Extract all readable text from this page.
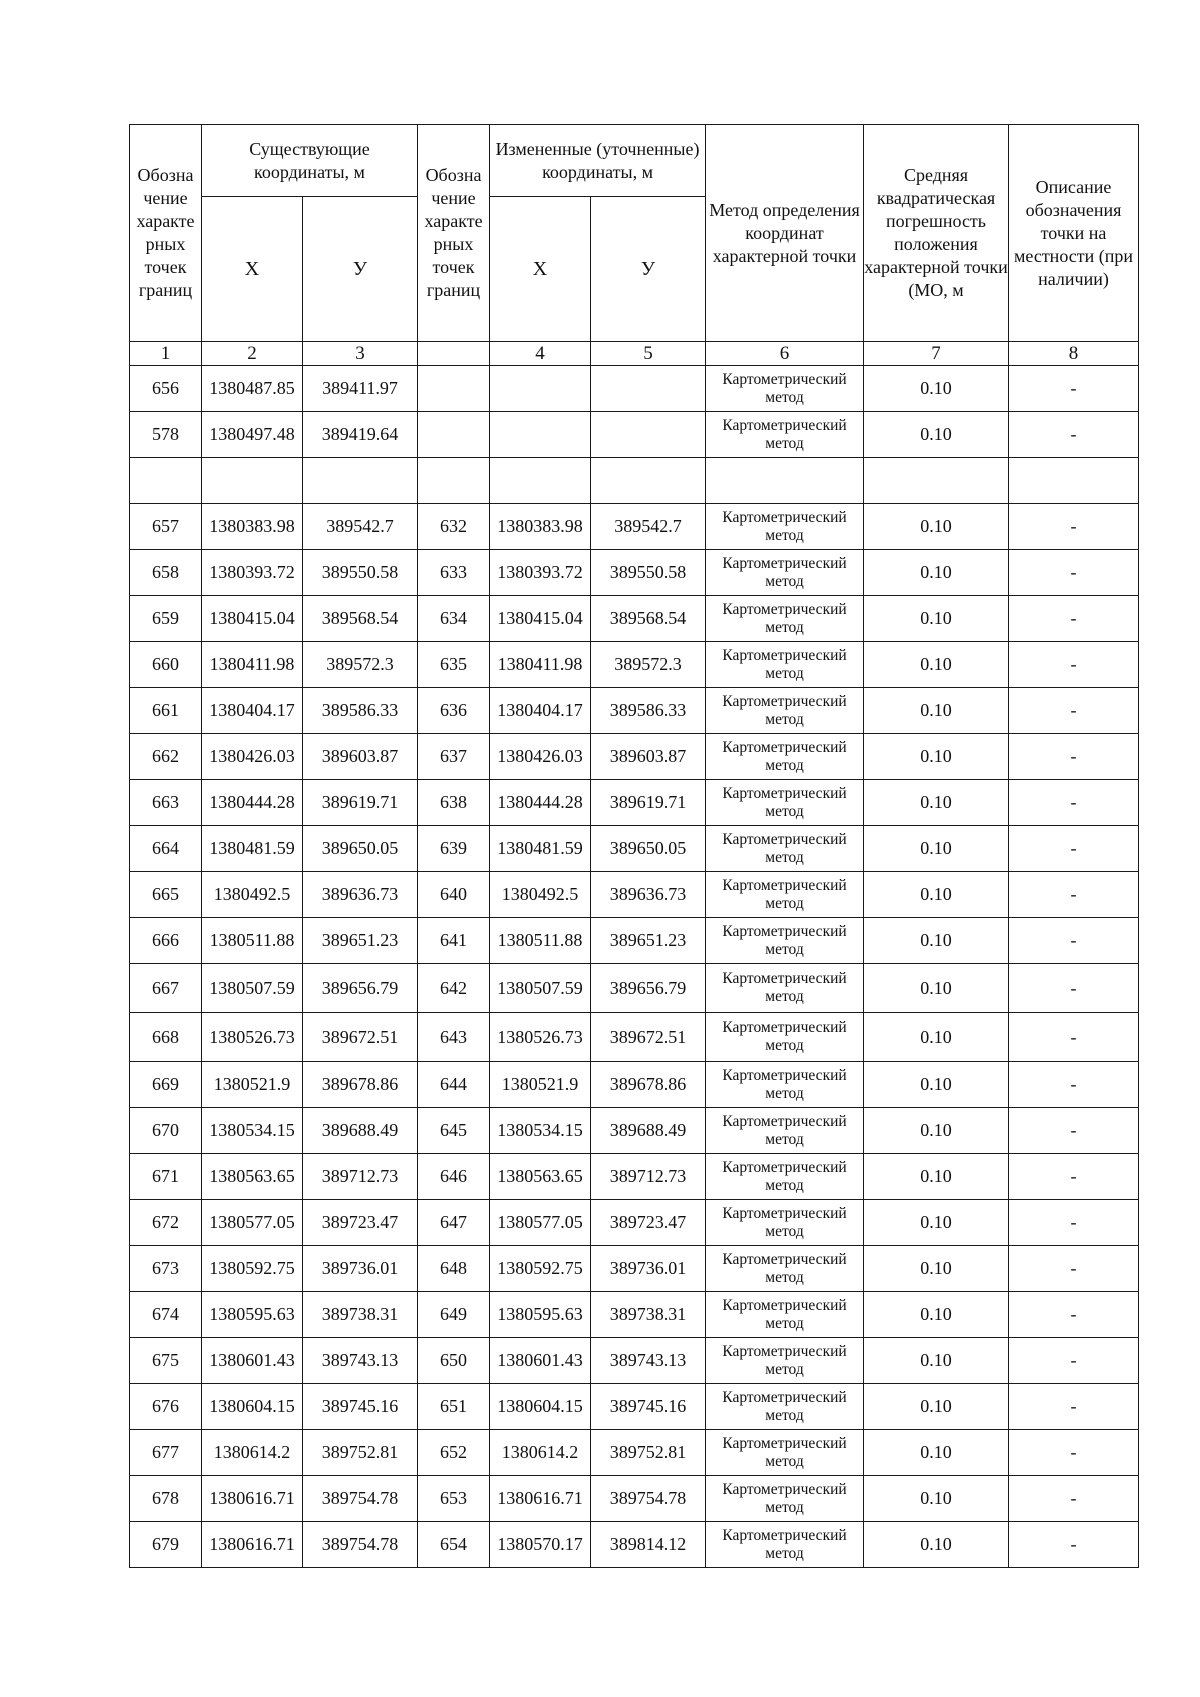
Обозна чение характе рных точек границ	Существующие координаты, м		Обозна чение характе рных точек границ	Измененные (уточненные) координаты, м		Метод определения координат характерной точки	Средняя квадратическая погрешность положения характерной точки (МО, м	Описание обозначения точки на местности (при наличии)
	X	У		X	У			
1	2	3		4	5	6	7	8
656	1380487.85	389411.97				Картометрический метод	0.10	-
578	1380497.48	389419.64				Картометрический метод	0.10	-

657	1380383.98	389542.7	632	1380383.98	389542.7	Картометрический метод	0.10	-
658	1380393.72	389550.58	633	1380393.72	389550.58	Картометрический метод	0.10	-
659	1380415.04	389568.54	634	1380415.04	389568.54	Картометрический метод	0.10	-
660	1380411.98	389572.3	635	1380411.98	389572.3	Картометрический метод	0.10	-
661	1380404.17	389586.33	636	1380404.17	389586.33	Картометрический метод	0.10	-
662	1380426.03	389603.87	637	1380426.03	389603.87	Картометрический метод	0.10	-
663	1380444.28	389619.71	638	1380444.28	389619.71	Картометрический метод	0.10	-
664	1380481.59	389650.05	639	1380481.59	389650.05	Картометрический метод	0.10	-
665	1380492.5	389636.73	640	1380492.5	389636.73	Картометрический метод	0.10	-
666	1380511.88	389651.23	641	1380511.88	389651.23	Картометрический метод	0.10	-
667	1380507.59	389656.79	642	1380507.59	389656.79	Картометрический метод	0.10	-
668	1380526.73	389672.51	643	1380526.73	389672.51	Картометрический метод	0.10	-
669	1380521.9	389678.86	644	1380521.9	389678.86	Картометрический метод	0.10	-
670	1380534.15	389688.49	645	1380534.15	389688.49	Картометрический метод	0.10	-
671	1380563.65	389712.73	646	1380563.65	389712.73	Картометрический метод	0.10	-
672	1380577.05	389723.47	647	1380577.05	389723.47	Картометрический метод	0.10	-
673	1380592.75	389736.01	648	1380592.75	389736.01	Картометрический метод	0.10	-
674	1380595.63	389738.31	649	1380595.63	389738.31	Картометрический метод	0.10	-
675	1380601.43	389743.13	650	1380601.43	389743.13	Картометрический метод	0.10	-
676	1380604.15	389745.16	651	1380604.15	389745.16	Картометрический метод	0.10	-
677	1380614.2	389752.81	652	1380614.2	389752.81	Картометрический метод	0.10	-
678	1380616.71	389754.78	653	1380616.71	389754.78	Картометрический метод	0.10	-
679	1380616.71	389754.78	654	1380570.17	389814.12	Картометрический метод	0.10	-
